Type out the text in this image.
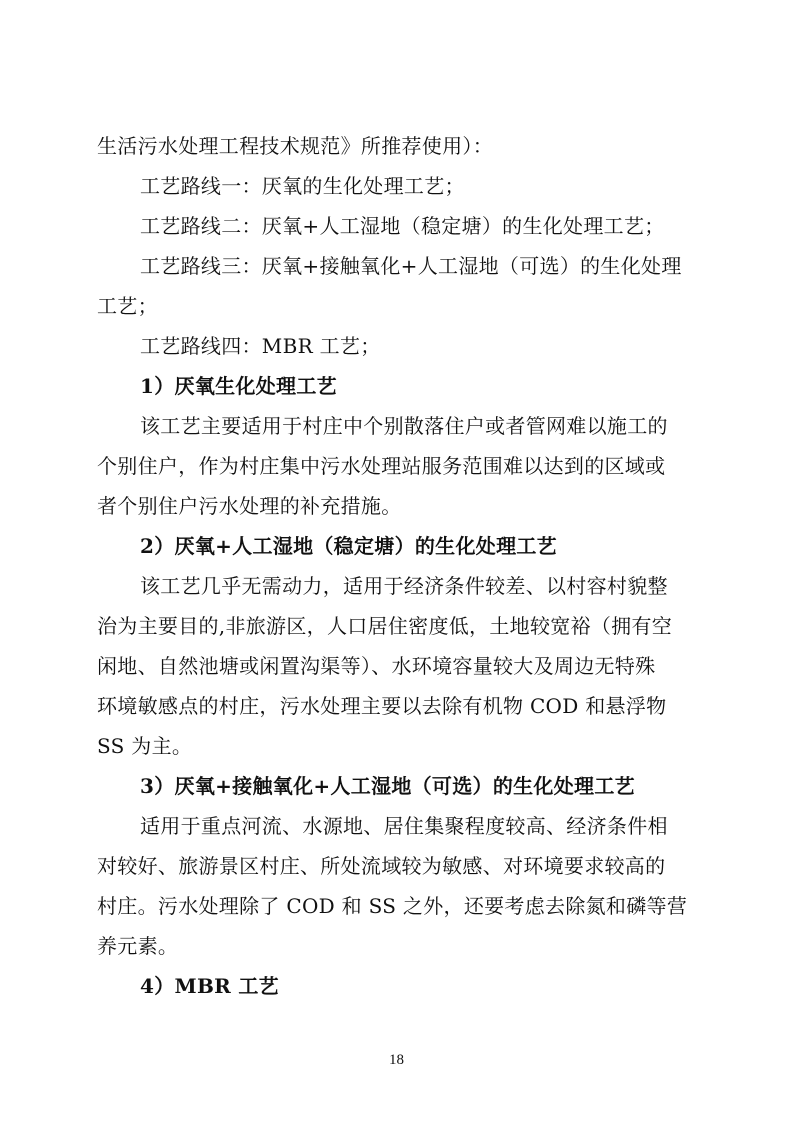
生活污水处理工程技术规范》所推荐使用）：
工艺路线一：厌氧的生化处理工艺；
工艺路线二：厌氧+人工湿地（稳定塘）的生化处理工艺；
工艺路线三：厌氧+接触氧化+人工湿地（可选）的生化处理
工艺；
工艺路线四：MBR 工艺；
1）厌氧生化处理工艺
该工艺主要适用于村庄中个别散落住户或者管网难以施工的
个别住户，作为村庄集中污水处理站服务范围难以达到的区域或
者个别住户污水处理的补充措施。
2）厌氧+人工湿地（稳定塘）的生化处理工艺
该工艺几乎无需动力，适用于经济条件较差、以村容村貌整
治为主要目的,非旅游区，人口居住密度低，土地较宽裕（拥有空
闲地、自然池塘或闲置沟渠等）、水环境容量较大及周边无特殊
环境敏感点的村庄，污水处理主要以去除有机物 COD 和悬浮物
SS 为主。
3）厌氧+接触氧化+人工湿地（可选）的生化处理工艺
适用于重点河流、水源地、居住集聚程度较高、经济条件相
对较好、旅游景区村庄、所处流域较为敏感、对环境要求较高的
村庄。污水处理除了 COD 和 SS 之外，还要考虑去除氮和磷等营
养元素。
4）MBR 工艺
18
